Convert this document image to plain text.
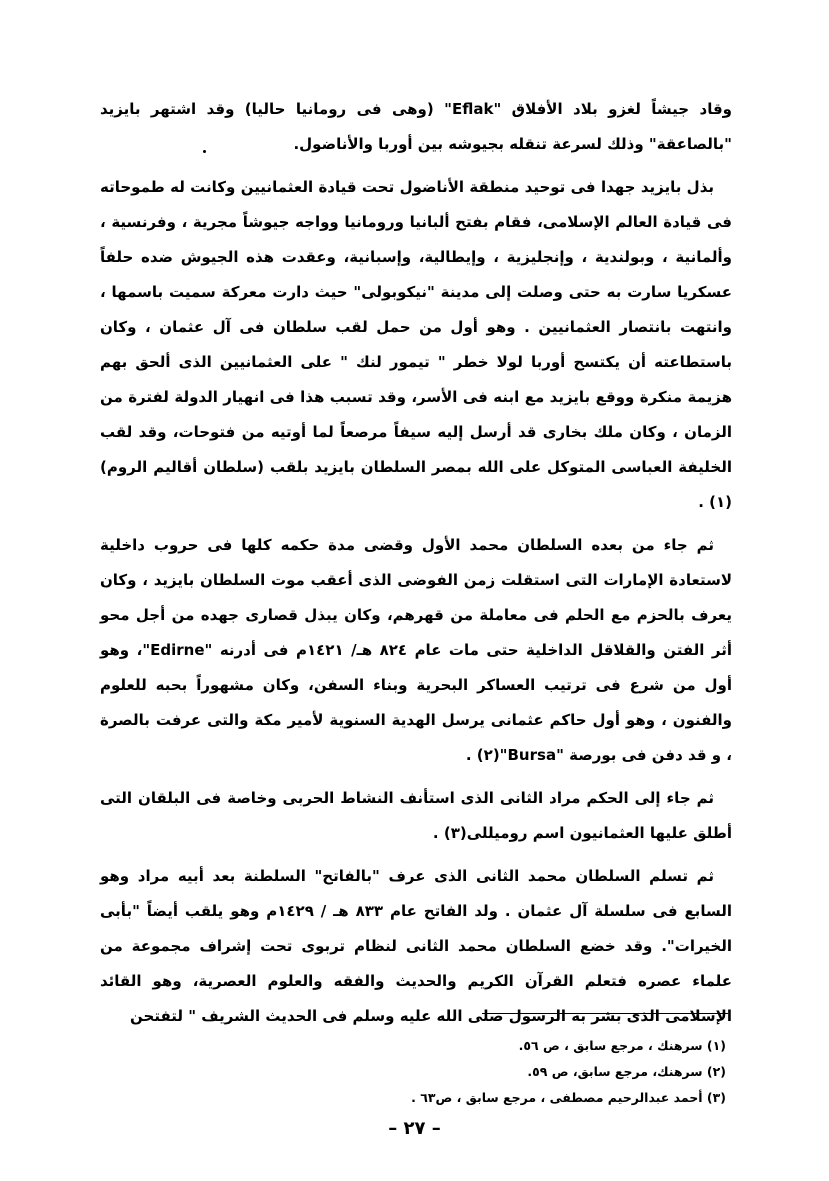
وقاد جيشاً لغزو بلاد الأفلاق "Eflak" (وهى فى رومانيا حاليا) وقد اشتهر بايزيد "بالصاعقة" وذلك لسرعة تنقله بجيوشه بين أوربا والأناضول.

بذل بايزيد جهدا فى توحيد منطقة الأناضول تحت قيادة العثمانيين وكانت له طموحاته فى قيادة العالم الإسلامى، فقام بفتح ألبانيا ورومانيا وواجه جيوشاً مجرية ، وفرنسية ، وألمانية ، وبولندية ، وإنجليزية ، وإيطالية، وإسبانية، وعقدت هذه الجيوش ضده حلفاً عسكريا سارت به حتى وصلت إلى مدينة "نيكوبولى" حيث دارت معركة سميت باسمها ، وانتهت بانتصار العثمانيين . وهو أول من حمل لقب سلطان فى آل عثمان ، وكان باستطاعته أن يكتسح أوربا لولا خطر " تيمور لنك " على العثمانيين الذى ألحق بهم هزيمة منكرة ووقع بايزيد مع ابنه فى الأسر، وقد تسبب هذا فى انهيار الدولة لفترة من الزمان ، وكان ملك بخارى قد أرسل إليه سيفاً مرصعاً لما أوتيه من فتوحات، وقد لقب الخليفة العباسى المتوكل على الله بمصر السلطان بايزيد بلقب (سلطان أقاليم الروم)(١) .

ثم جاء من بعده السلطان محمد الأول وقضى مدة حكمه كلها فى حروب داخلية لاستعادة الإمارات التى استقلت زمن الفوضى الذى أعقب موت السلطان بايزيد ، وكان يعرف بالحزم مع الحلم فى معاملة من قهرهم، وكان يبذل قصارى جهده من أجل محو أثر الفتن والقلاقل الداخلية حتى مات عام ٨٢٤ هـ/ ١٤٢١م فى أدرنه "Edirne"، وهو أول من شرع فى ترتيب العساكر البحرية وبناء السفن، وكان مشهوراً بحبه للعلوم والفنون ، وهو أول حاكم عثمانى يرسل الهدية السنوية لأمير مكة والتى عرفت بالصرة ، و قد دفن فى بورصة "Bursa"(٢) .

ثم جاء إلى الحكم مراد الثانى الذى استأنف النشاط الحربى وخاصة فى البلقان التى أطلق عليها العثمانيون اسم روميللى(٣) .

ثم تسلم السلطان محمد الثانى الذى عرف "بالفاتح" السلطنة بعد أبيه مراد وهو السابع فى سلسلة آل عثمان . ولد الفاتح عام ٨٣٣ هـ / ١٤٢٩م وهو يلقب أيضاً "بأبى الخيرات". وقد خضع السلطان محمد الثانى لنظام تربوى تحت إشراف مجموعة من علماء عصره فتعلم القرآن الكريم والحديث والفقه والعلوم العصرية، وهو القائد الإسلامى الذى بشر به الرسول صلى الله عليه وسلم فى الحديث الشريف " لتفتحن

(١) سرهنك ، مرجع سابق ، ص ٥٦.

(٢) سرهنك، مرجع سابق، ص ٥٩.

(٣) أحمد عبدالرحيم مصطفى ، مرجع سابق ، ص٦٣ .

– ٢٧ –
